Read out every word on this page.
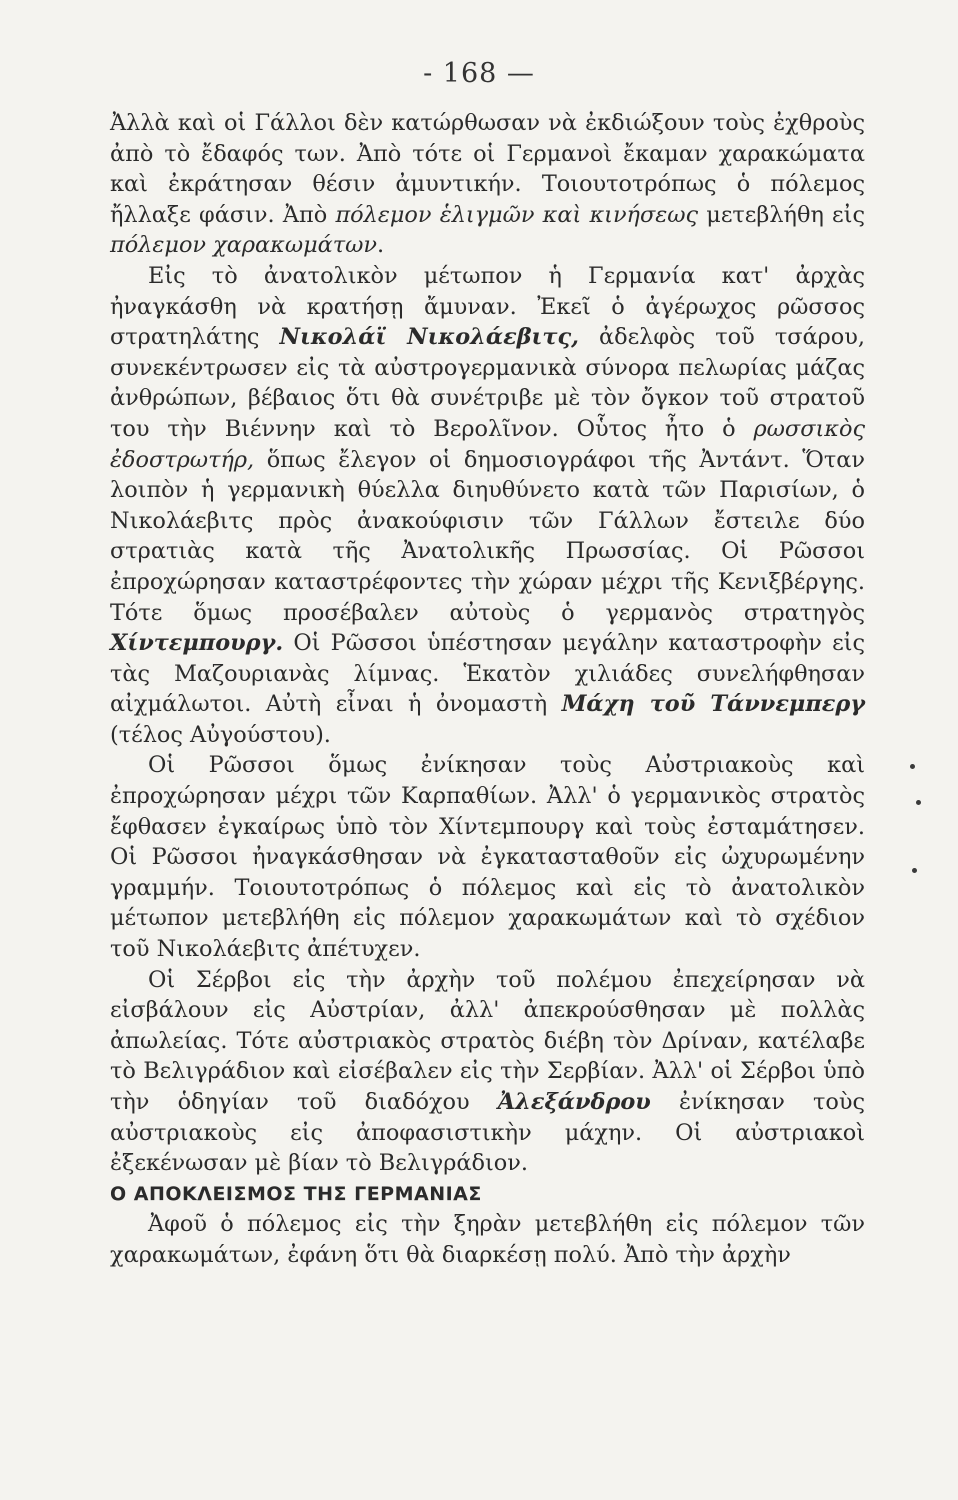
- 168 —

Ἀλλὰ καὶ οἱ Γάλλοι δὲν κατώρθωσαν νὰ ἐκδιώξουν τοὺς ἐχθροὺς ἀπὸ τὸ ἔδαφός των. Ἀπὸ τότε οἱ Γερμανοὶ ἔκαμαν χαρακώματα καὶ ἐκράτησαν θέσιν ἀμυντικήν. Τοιουτοτρόπως ὁ πόλεμος ἤλλαξε φάσιν. Ἀπὸ πόλεμον ἑλιγμῶν καὶ κινήσεως μετεβλήθη εἰς πόλεμον χαρακωμάτων.

Εἰς τὸ ἀνατολικὸν μέτωπον ἡ Γερμανία κατ' ἀρχὰς ἠναγκάσθη νὰ κρατήσῃ ἄμυναν. Ἐκεῖ ὁ ἀγέρωχος ρῶσσος στρατηλάτης Νικολάϊ Νικολάεβιτς, ἀδελφὸς τοῦ τσάρου, συνεκέντρωσεν εἰς τὰ αὐστρογερμανικὰ σύνορα πελωρίας μάζας ἀνθρώπων, βέβαιος ὅτι θὰ συνέτριβε μὲ τὸν ὄγκον τοῦ στρατοῦ του τὴν Βιέννην καὶ τὸ Βερολῖνον. Οὗτος ἦτο ὁ ρωσσικὸς ἐδοστρωτήρ, ὅπως ἔλεγον οἱ δημοσιογράφοι τῆς Ἀντάντ. Ὅταν λοιπὸν ἡ γερμανικὴ θύελλα διηυθύνετο κατὰ τῶν Παρισίων, ὁ Νικολάεβιτς πρὸς ἀνακούφισιν τῶν Γάλλων ἔστειλε δύο στρατιὰς κατὰ τῆς Ἀνατολικῆς Πρωσσίας. Οἱ Ρῶσσοι ἐπροχώρησαν καταστρέφοντες τὴν χώραν μέχρι τῆς Κενιξβέργης. Τότε ὅμως προσέβαλεν αὐτοὺς ὁ γερμανὸς στρατηγὸς Χίντεμπουργ. Οἱ Ρῶσσοι ὑπέστησαν μεγάλην καταστροφὴν εἰς τὰς Μαζουριανὰς λίμνας. Ἑκατὸν χιλιάδες συνελήφθησαν αἰχμάλωτοι. Αὐτὴ εἶναι ἡ ὀνομαστὴ Μάχη τοῦ Τάννεμπεργ (τέλος Αὐγούστου).

Οἱ Ρῶσσοι ὅμως ἐνίκησαν τοὺς Αὐστριακοὺς καὶ ἐπροχώρησαν μέχρι τῶν Καρπαθίων. Ἀλλ' ὁ γερμανικὸς στρατὸς ἔφθασεν ἐγκαίρως ὑπὸ τὸν Χίντεμπουργ καὶ τοὺς ἐσταμάτησεν. Οἱ Ρῶσσοι ἠναγκάσθησαν νὰ ἐγκατασταθοῦν εἰς ὠχυρωμένην γραμμήν. Τοιουτοτρόπως ὁ πόλεμος καὶ εἰς τὸ ἀνατολικὸν μέτωπον μετεβλήθη εἰς πόλεμον χαρακωμάτων καὶ τὸ σχέδιον τοῦ Νικολάεβιτς ἀπέτυχεν.

Οἱ Σέρβοι εἰς τὴν ἀρχὴν τοῦ πολέμου ἐπεχείρησαν νὰ εἰσβάλουν εἰς Αὐστρίαν, ἀλλ' ἀπεκρούσθησαν μὲ πολλὰς ἀπωλείας. Τότε αὐστριακὸς στρατὸς διέβη τὸν Δρίναν, κατέλαβε τὸ Βελιγράδιον καὶ εἰσέβαλεν εἰς τὴν Σερβίαν. Ἀλλ' οἱ Σέρβοι ὑπὸ τὴν ὁδηγίαν τοῦ διαδόχου Ἀλεξάνδρου ἐνίκησαν τοὺς αὐστριακοὺς εἰς ἀποφασιστικὴν μάχην. Οἱ αὐστριακοὶ ἐξεκένωσαν μὲ βίαν τὸ Βελιγράδιον.

Ο ΑΠΟΚΛΕΙΣΜΟΣ ΤΗΣ ΓΕΡΜΑΝΙΑΣ

Ἀφοῦ ὁ πόλεμος εἰς τὴν ξηρὰν μετεβλήθη εἰς πόλεμον τῶν χαρακωμάτων, ἐφάνη ὅτι θὰ διαρκέσῃ πολύ. Ἀπὸ τὴν ἀρχὴν
